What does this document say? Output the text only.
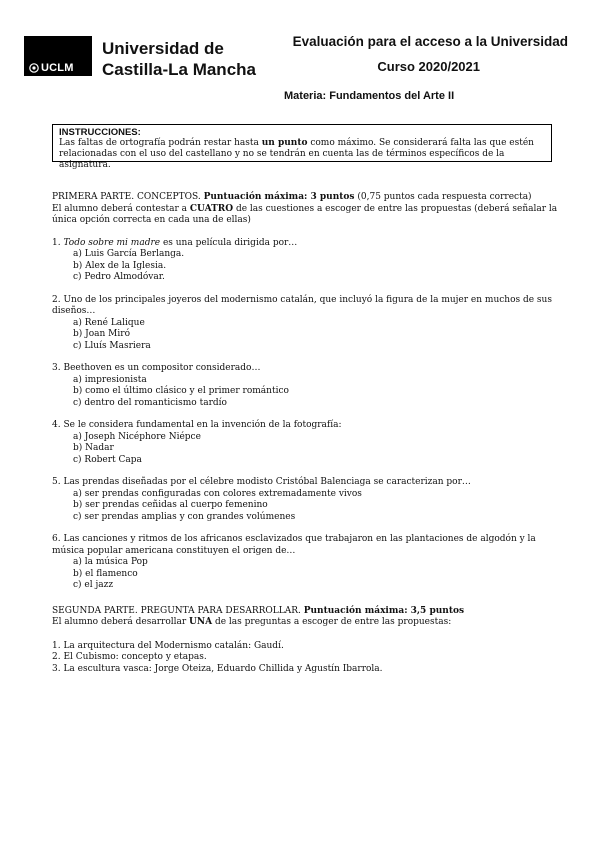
UCLM
Universidad de
Castilla-La Mancha
Evaluación para el acceso a la Universidad
Curso 2020/2021
Materia: Fundamentos del Arte II
INSTRUCCIONES:
Las faltas de ortografía podrán restar hasta un punto como máximo. Se considerará falta las que estén relacionadas con el uso del castellano y no se tendrán en cuenta las de términos específicos de la asignatura.

PRIMERA PARTE. CONCEPTOS. Puntuación máxima: 3 puntos (0,75 puntos cada respuesta correcta)

El alumno deberá contestar a CUATRO de las cuestiones a escoger de entre las propuestas (deberá señalar la única opción correcta en cada una de ellas)

1. Todo sobre mi madre es una película dirigida por…

a) Luis García Berlanga.

b) Alex de la Iglesia.

c) Pedro Almodóvar.

2. Uno de los principales joyeros del modernismo catalán, que incluyó la figura de la mujer en muchos de sus diseños…

a) René Lalique

b) Joan Miró

c) Lluís Masriera

3. Beethoven es un compositor considerado…

a) impresionista

b) como el último clásico y el primer romántico

c) dentro del romanticismo tardío

4. Se le considera fundamental en la invención de la fotografía:

a) Joseph Nicéphore Niépce

b) Nadar

c) Robert Capa

5. Las prendas diseñadas por el célebre modisto Cristóbal Balenciaga se caracterizan por…

a) ser prendas configuradas con colores extremadamente vivos

b) ser prendas ceñidas al cuerpo femenino

c) ser prendas amplias y con grandes volúmenes

6. Las canciones y ritmos de los africanos esclavizados que trabajaron en las plantaciones de algodón y la música popular americana constituyen el origen de…

a) la música Pop

b) el flamenco

c) el jazz

SEGUNDA PARTE. PREGUNTA PARA DESARROLLAR. Puntuación máxima: 3,5 puntos

El alumno deberá desarrollar UNA de las preguntas a escoger de entre las propuestas:

1. La arquitectura del Modernismo catalán: Gaudí.

2. El Cubismo: concepto y etapas.

3. La escultura vasca: Jorge Oteiza, Eduardo Chillida y Agustín Ibarrola.
